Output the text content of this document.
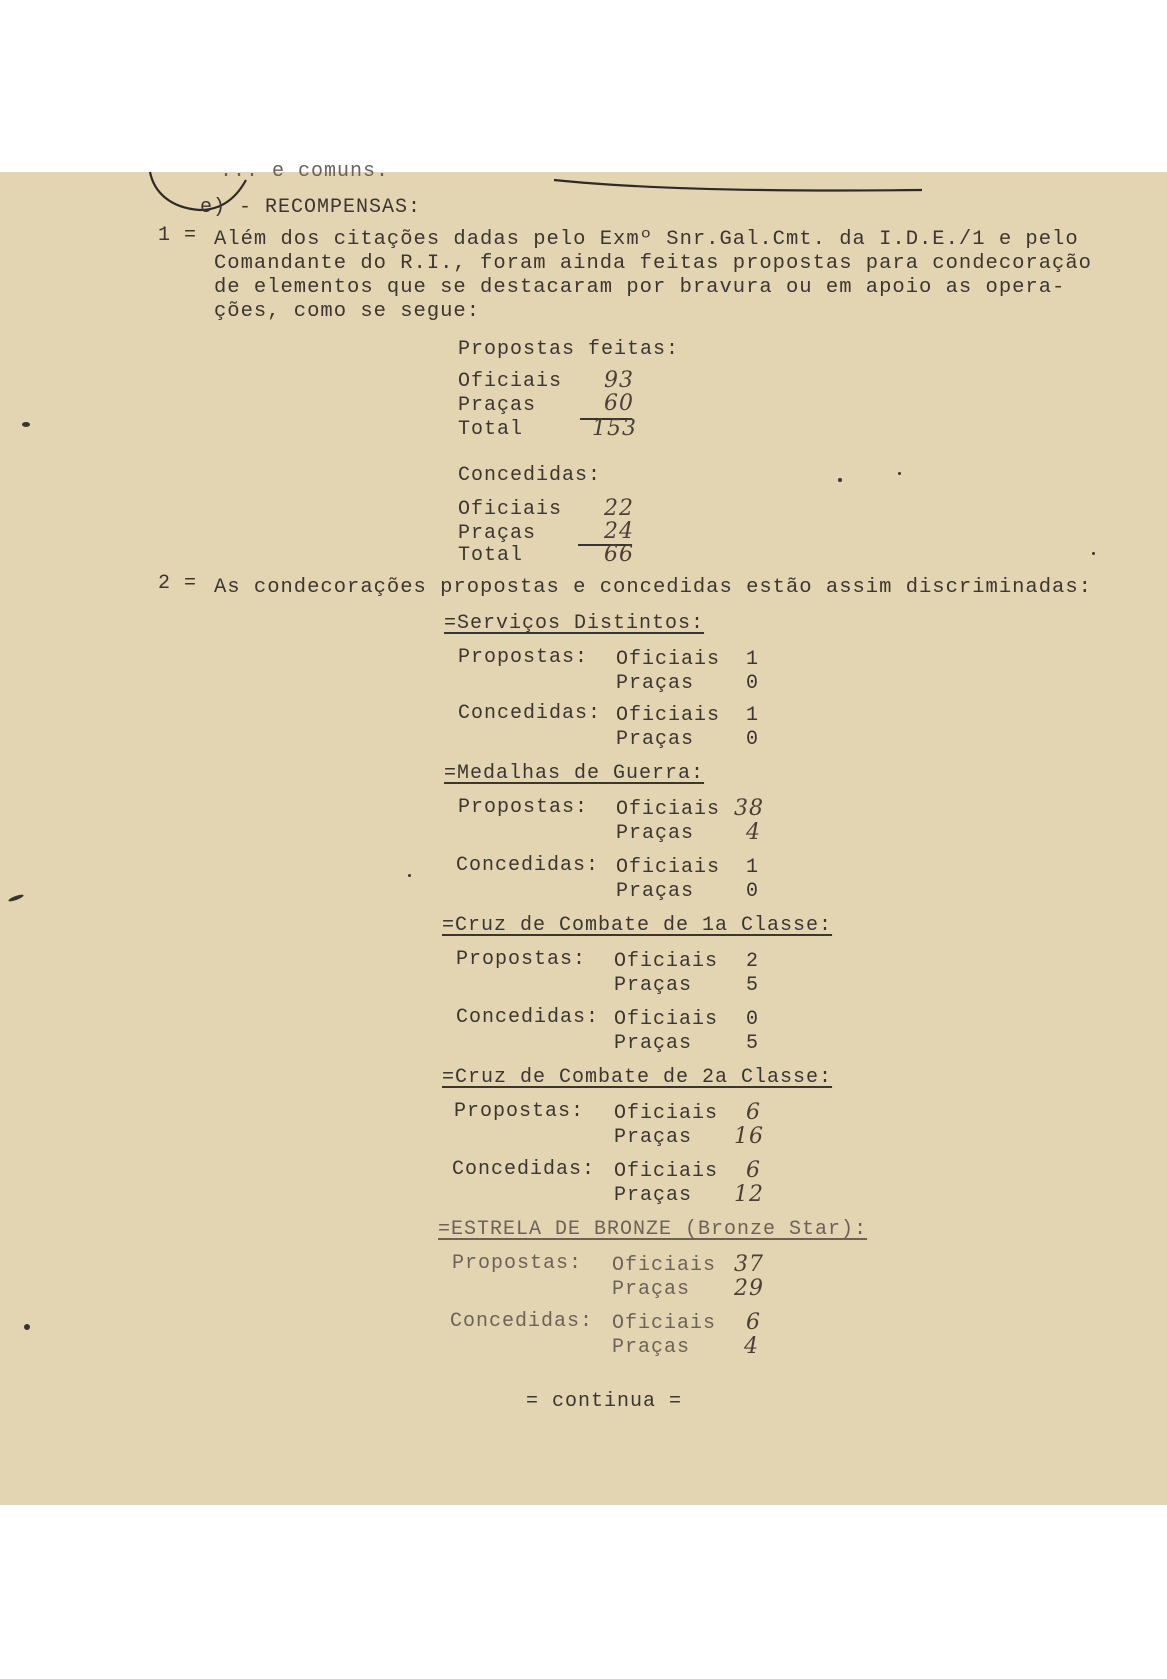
... e comuns.
e) - RECOMPENSAS:
1 = Além dos citações dadas pelo Exmº Snr.Gal.Cmt. da I.D.E./1 e pelo
Comandante do R.I., foram ainda feitas propostas para condecoração
de elementos que se destacaram por bravura ou em apoio as opera-
ções, como se segue:
Propostas feitas:
Oficiais 93
Praças	60
Total	153
Concedidas:
Oficiais 22
Praças	24
Total	66
2 = As condecorações propostas e concedidas estão assim discriminadas:
=Serviços Distintos:
Propostas: Oficiais 1
Praças	0
Concedidas: Oficiais 1
Praças	0
=Medalhas de Guerra:
Propostas: Oficiais 38
Praças 4
Concedidas: Oficiais 1
Praças	0
=Cruz de Combate de 1a Classe:
Propostas: Oficiais 2
Praças	5
Concedidas: Oficiais 0
Praças	5
=Cruz de Combate de 2a Classe:
Propostas: Oficiais 6
Praças 16
Concedidas: Oficiais 6
Praças 12
=ESTRELA DE BRONZE (Bronze Star):
Propostas: Oficiais 37
Praças 29
Concedidas: Oficiais 6
Praças 4
= continua =
